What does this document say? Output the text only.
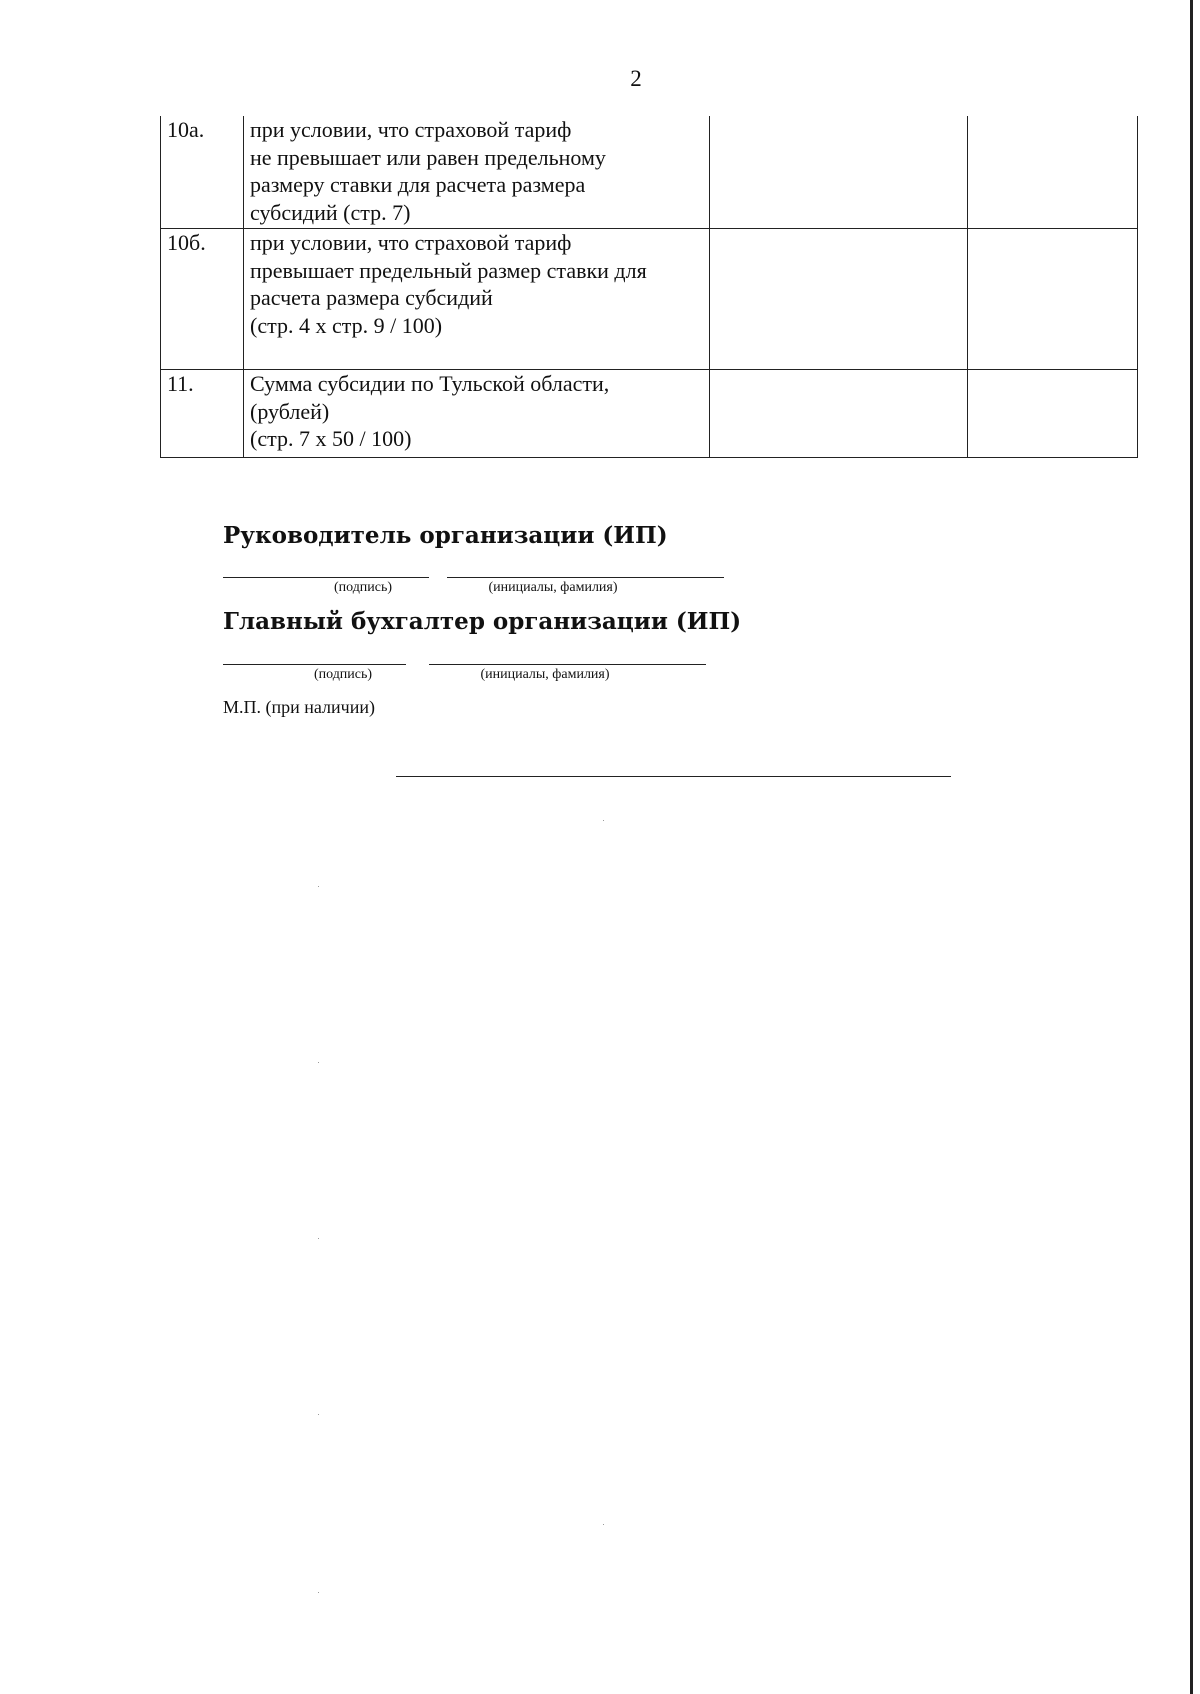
2
10а.	при условии, что страховой тариф
не превышает или равен предельному
размеру ставки для расчета размера
субсидий (стр. 7)		

10б.	при условии, что страховой тариф
превышает предельный размер ставки для
расчета размера субсидий
(стр. 4 х стр. 9 / 100)		

11.	Сумма субсидии по Тульской области,
(рублей)
(стр. 7 х 50 / 100)		

Руководитель организации (ИП)
(подпись)	(инициалы, фамилия)
Главный бухгалтер организации (ИП)
(подпись)	(инициалы, фамилия)
М.П. (при наличии)
